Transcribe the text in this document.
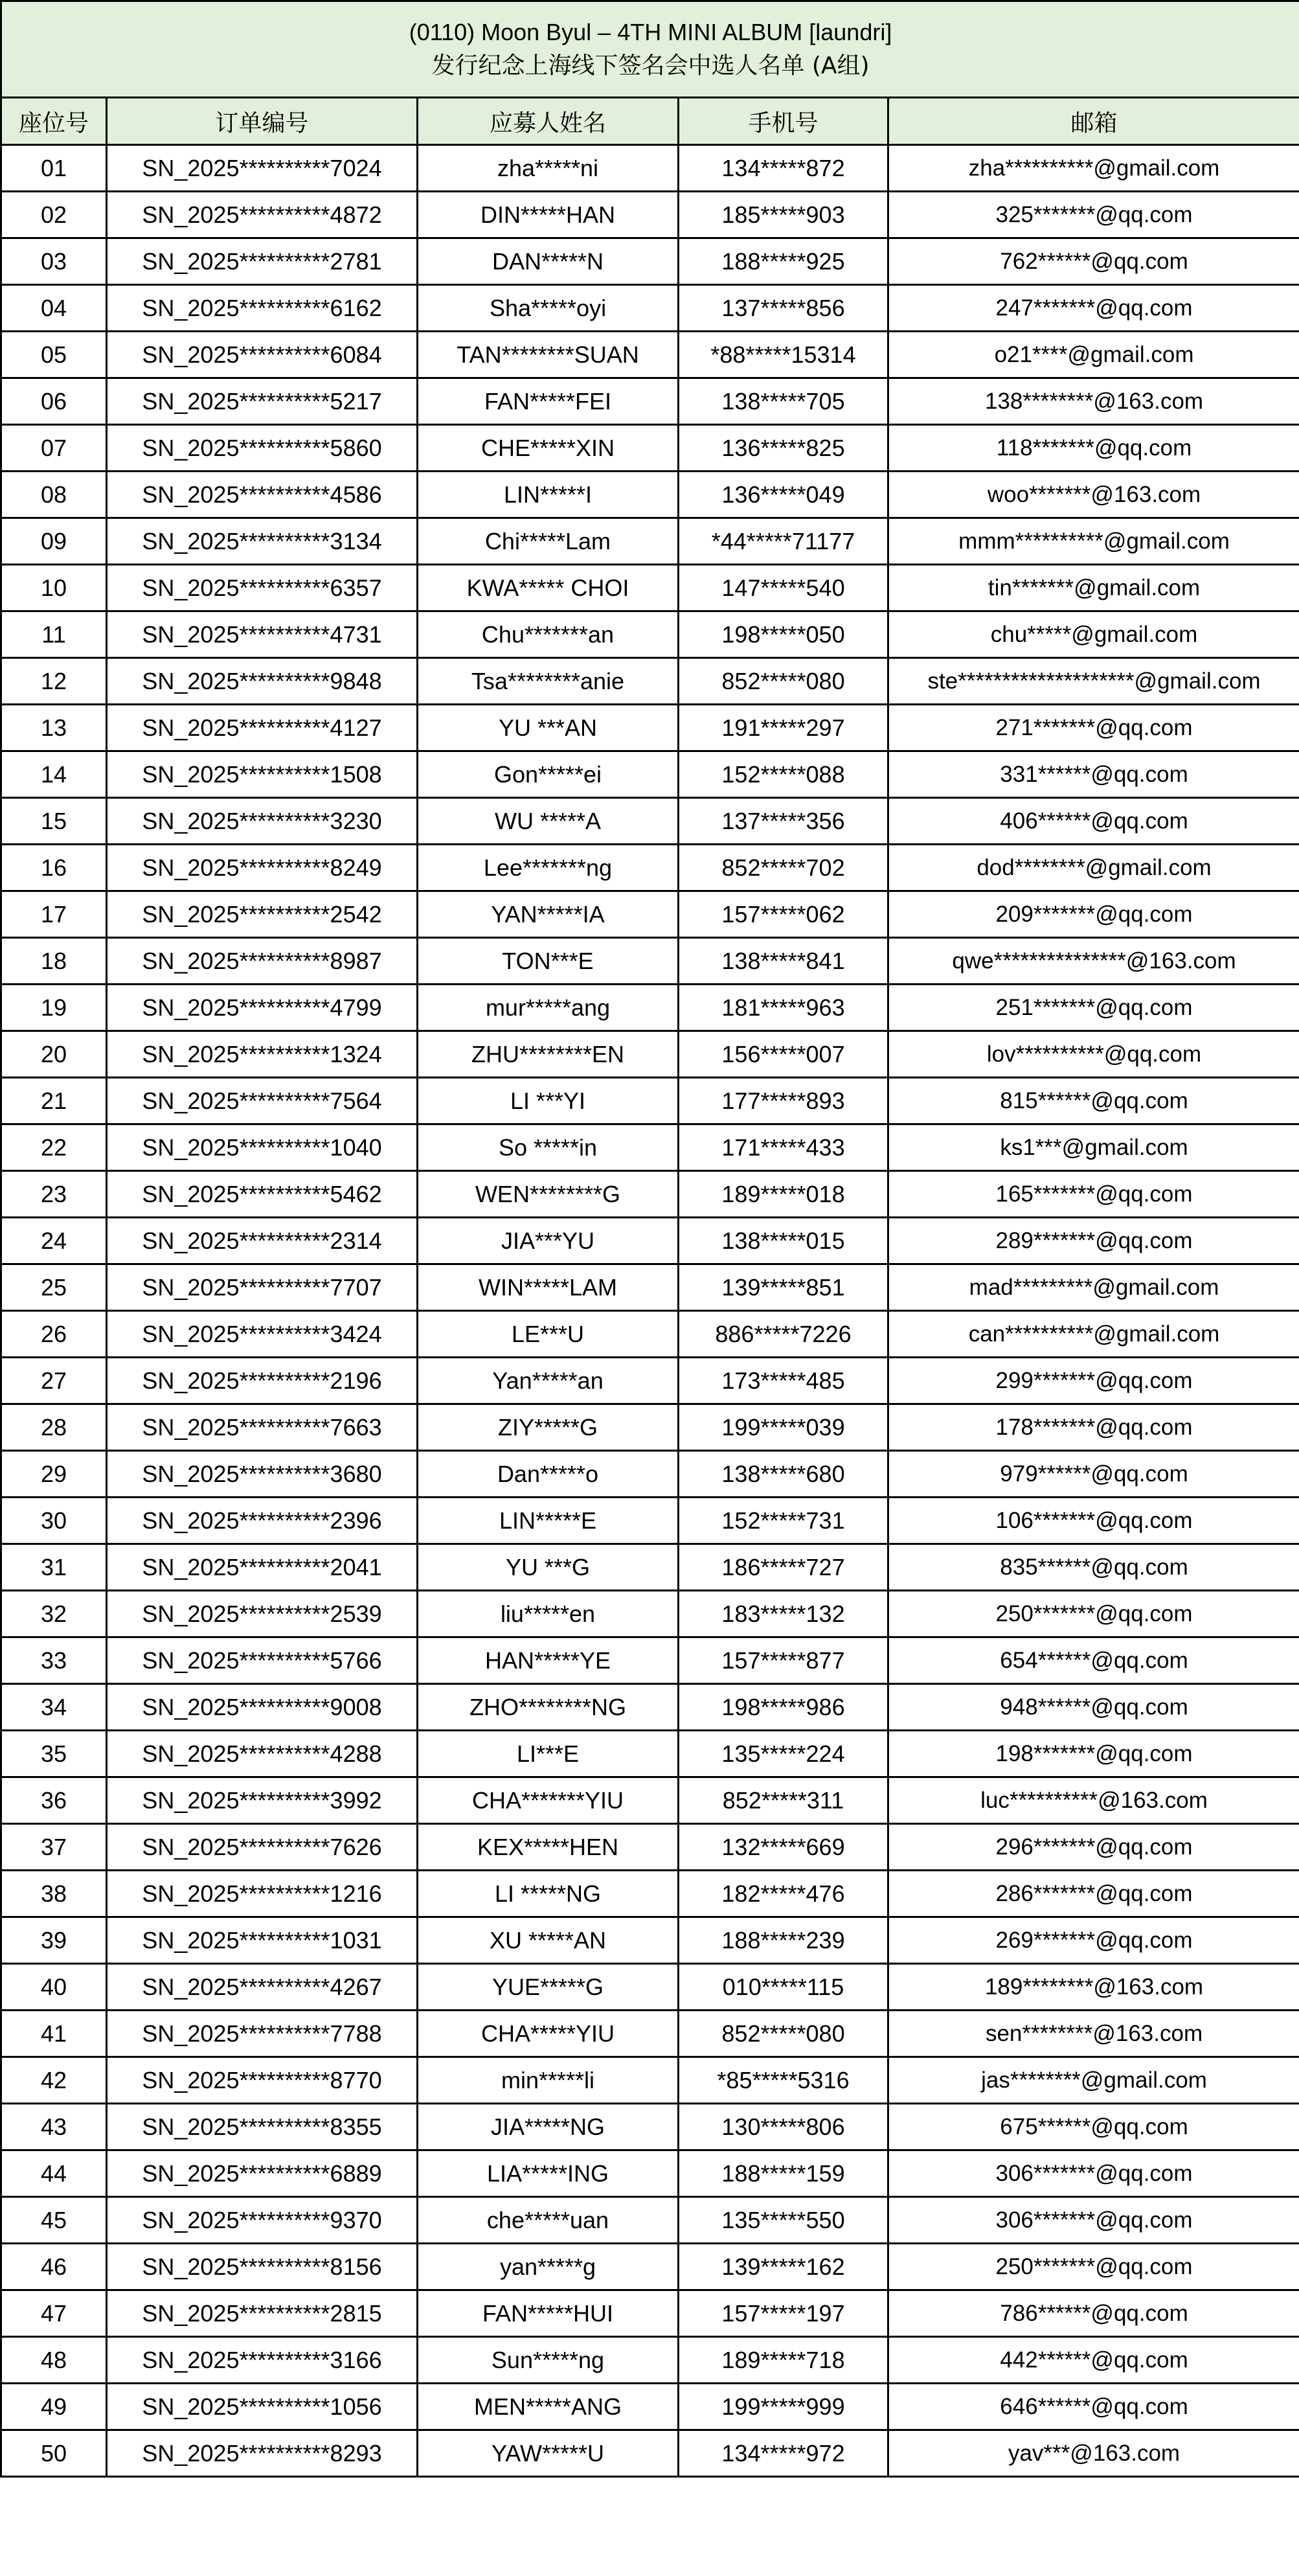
(0110) Moon Byul – 4TH MINI ALBUM [laundri]
发行纪念上海线下签名会中选人名单 (A组)				

座位号	订单编号	应募人姓名	手机号	邮箱
01	SN_2025**********7024	zha*****ni	134*****872	zha**********@gmail.com
02	SN_2025**********4872	DIN*****HAN	185*****903	325*******@qq.com
03	SN_2025**********2781	DAN*****N	188*****925	762******@qq.com
04	SN_2025**********6162	Sha*****oyi	137*****856	247*******@qq.com
05	SN_2025**********6084	TAN********SUAN	*88*****15314	o21****@gmail.com
06	SN_2025**********5217	FAN*****FEI	138*****705	138********@163.com
07	SN_2025**********5860	CHE*****XIN	136*****825	118*******@qq.com
08	SN_2025**********4586	LIN*****I	136*****049	woo*******@163.com
09	SN_2025**********3134	Chi*****Lam	*44*****71177	mmm**********@gmail.com
10	SN_2025**********6357	KWA***** CHOI	147*****540	tin*******@gmail.com
11	SN_2025**********4731	Chu*******an	198*****050	chu*****@gmail.com
12	SN_2025**********9848	Tsa********anie	852*****080	ste********************@gmail.com
13	SN_2025**********4127	YU ***AN	191*****297	271*******@qq.com
14	SN_2025**********1508	Gon*****ei	152*****088	331******@qq.com
15	SN_2025**********3230	WU *****A	137*****356	406******@qq.com
16	SN_2025**********8249	Lee*******ng	852*****702	dod********@gmail.com
17	SN_2025**********2542	YAN*****IA	157*****062	209*******@qq.com
18	SN_2025**********8987	TON***E	138*****841	qwe***************@163.com
19	SN_2025**********4799	mur*****ang	181*****963	251*******@qq.com
20	SN_2025**********1324	ZHU********EN	156*****007	lov**********@qq.com
21	SN_2025**********7564	LI ***YI	177*****893	815******@qq.com
22	SN_2025**********1040	So *****in	171*****433	ks1***@gmail.com
23	SN_2025**********5462	WEN********G	189*****018	165*******@qq.com
24	SN_2025**********2314	JIA***YU	138*****015	289*******@qq.com
25	SN_2025**********7707	WIN*****LAM	139*****851	mad*********@gmail.com
26	SN_2025**********3424	LE***U	886*****7226	can**********@gmail.com
27	SN_2025**********2196	Yan*****an	173*****485	299*******@qq.com
28	SN_2025**********7663	ZIY*****G	199*****039	178*******@qq.com
29	SN_2025**********3680	Dan*****o	138*****680	979******@qq.com
30	SN_2025**********2396	LIN*****E	152*****731	106*******@qq.com
31	SN_2025**********2041	YU ***G	186*****727	835******@qq.com
32	SN_2025**********2539	liu*****en	183*****132	250*******@qq.com
33	SN_2025**********5766	HAN*****YE	157*****877	654******@qq.com
34	SN_2025**********9008	ZHO********NG	198*****986	948******@qq.com
35	SN_2025**********4288	LI***E	135*****224	198*******@qq.com
36	SN_2025**********3992	CHA*******YIU	852*****311	luc**********@163.com
37	SN_2025**********7626	KEX*****HEN	132*****669	296*******@qq.com
38	SN_2025**********1216	LI *****NG	182*****476	286*******@qq.com
39	SN_2025**********1031	XU *****AN	188*****239	269*******@qq.com
40	SN_2025**********4267	YUE*****G	010*****115	189********@163.com
41	SN_2025**********7788	CHA*****YIU	852*****080	sen********@163.com
42	SN_2025**********8770	min*****li	*85*****5316	jas********@gmail.com
43	SN_2025**********8355	JIA*****NG	130*****806	675******@qq.com
44	SN_2025**********6889	LIA*****ING	188*****159	306*******@qq.com
45	SN_2025**********9370	che*****uan	135*****550	306*******@qq.com
46	SN_2025**********8156	yan*****g	139*****162	250*******@qq.com
47	SN_2025**********2815	FAN*****HUI	157*****197	786******@qq.com
48	SN_2025**********3166	Sun*****ng	189*****718	442******@qq.com
49	SN_2025**********1056	MEN*****ANG	199*****999	646******@qq.com
50	SN_2025**********8293	YAW*****U	134*****972	yav***@163.com
